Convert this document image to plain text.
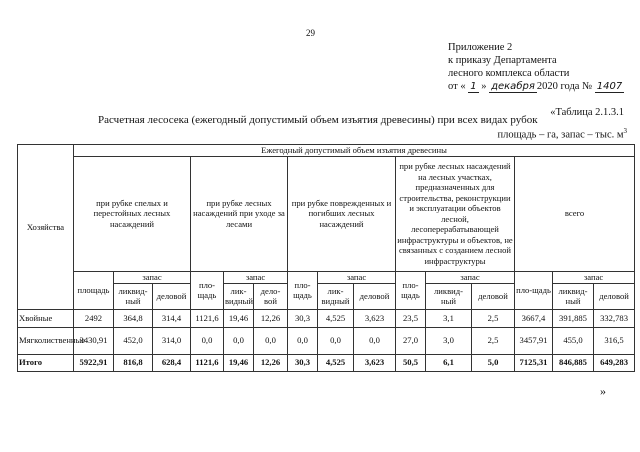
29
Приложение 2
к приказу Департамента
лесного комплекса области
от « 1 » декабря 2020 года № 1407
«Таблица 2.1.3.1
Расчетная лесосека (ежегодный допустимый объем изъятия древесины) при всех видах рубок
площадь – га, запас – тыс. $м^3$
Хозяйства	Ежегодный допустимый объем изъятия древесины														
	при рубке спелых и перестойных лесных насаждений			при рубке лесных насаждений при уходе за лесами			при рубке поврежденных и погибших лесных насаждений			при рубке лесных насаждений на лесных участках, предназначенных для строительства, реконструкции и эксплуатации объектов лесной, лесоперерабатывающей инфраструктуры и объектов, не связанных с созданием лесной инфраструктуры			всего		
	площадь	запас		пло-щадь	запас		пло-щадь	запас		пло-щадь	запас		пло-щадь	запас	
		ликвид-ный	деловой		лик-видный	дело-вой		лик-видный	деловой		ликвид-ный	деловой		ликвид-ный	деловой
Хвойные	2492	364,8	314,4	1121,6	19,46	12,26	30,3	4,525	3,623	23,5	3,1	2,5	3667,4	391,885	332,783
Мягколиственные	3430,91	452,0	314,0	0,0	0,0	0,0	0,0	0,0	0,0	27,0	3,0	2,5	3457,91	455,0	316,5
Итого	5922,91	816,8	628,4	1121,6	19,46	12,26	30,3	4,525	3,623	50,5	6,1	5,0	7125,31	846,885	649,283
»
